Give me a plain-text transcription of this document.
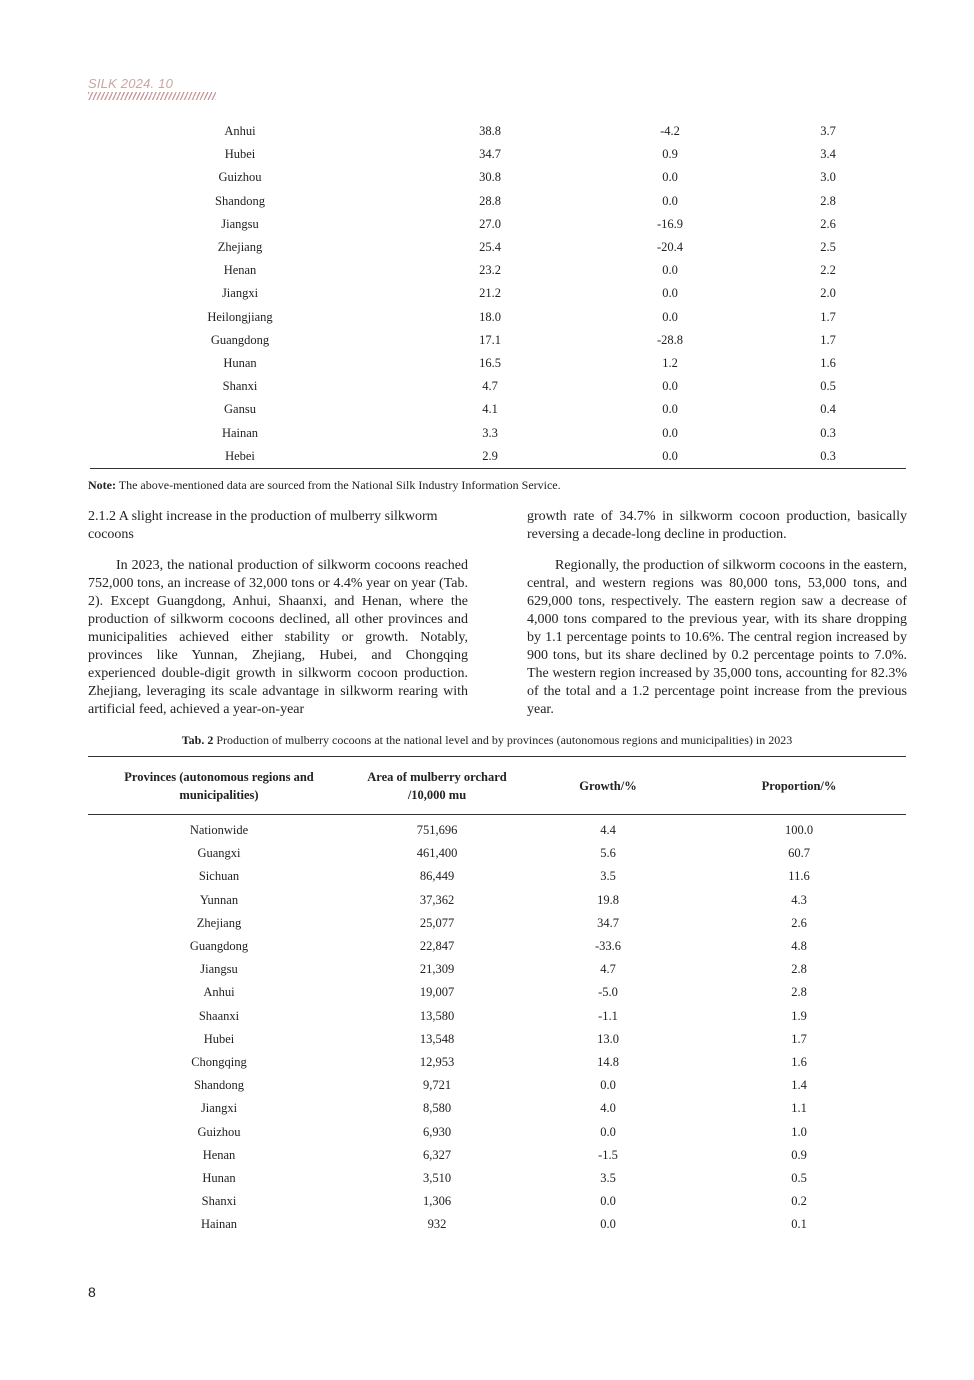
SILK 2024. 10
Anhui	38.8	-4.2	3.7
Hubei	34.7	0.9	3.4
Guizhou	30.8	0.0	3.0
Shandong	28.8	0.0	2.8
Jiangsu	27.0	-16.9	2.6
Zhejiang	25.4	-20.4	2.5
Henan	23.2	0.0	2.2
Jiangxi	21.2	0.0	2.0
Heilongjiang	18.0	0.0	1.7
Guangdong	17.1	-28.8	1.7
Hunan	16.5	1.2	1.6
Shanxi	4.7	0.0	0.5
Gansu	4.1	0.0	0.4
Hainan	3.3	0.0	0.3
Hebei	2.9	0.0	0.3
Note: The above-mentioned data are sourced from the National Silk Industry Information Service.

2.1.2 A slight increase in the production of mulberry silkworm cocoons

In 2023, the national production of silkworm cocoons reached 752,000 tons, an increase of 32,000 tons or 4.4% year on year (Tab. 2). Except Guangdong, Anhui, Shaanxi, and Henan, where the production of silkworm cocoons declined, all other provinces and municipalities achieved either stability or growth. Notably, provinces like Yunnan, Zhejiang, Hubei, and Chongqing experienced double-digit growth in silkworm cocoon production. Zhejiang, leveraging its scale advantage in silkworm rearing with artificial feed, achieved a year-on-year

growth rate of 34.7% in silkworm cocoon production, basically reversing a decade-long decline in production.

Regionally, the production of silkworm cocoons in the eastern, central, and western regions was 80,000 tons, 53,000 tons, and 629,000 tons, respectively. The eastern region saw a decrease of 4,000 tons compared to the previous year, with its share dropping by 1.1 percentage points to 10.6%. The central region increased by 900 tons, but its share declined by 0.2 percentage points to 7.0%. The western region increased by 35,000 tons, accounting for 82.3% of the total and a 1.2 percentage point increase from the previous year.

Tab. 2 Production of mulberry cocoons at the national level and by provinces (autonomous regions and municipalities) in 2023
Provinces (autonomous regions and municipalities)	Area of mulberry orchard /10,000 mu	Growth/%	Proportion/%
Nationwide	751,696	4.4	100.0
Guangxi	461,400	5.6	60.7
Sichuan	86,449	3.5	11.6
Yunnan	37,362	19.8	4.3
Zhejiang	25,077	34.7	2.6
Guangdong	22,847	-33.6	4.8
Jiangsu	21,309	4.7	2.8
Anhui	19,007	-5.0	2.8
Shaanxi	13,580	-1.1	1.9
Hubei	13,548	13.0	1.7
Chongqing	12,953	14.8	1.6
Shandong	9,721	0.0	1.4
Jiangxi	8,580	4.0	1.1
Guizhou	6,930	0.0	1.0
Henan	6,327	-1.5	0.9
Hunan	3,510	3.5	0.5
Shanxi	1,306	0.0	0.2
Hainan	932	0.0	0.1
8
